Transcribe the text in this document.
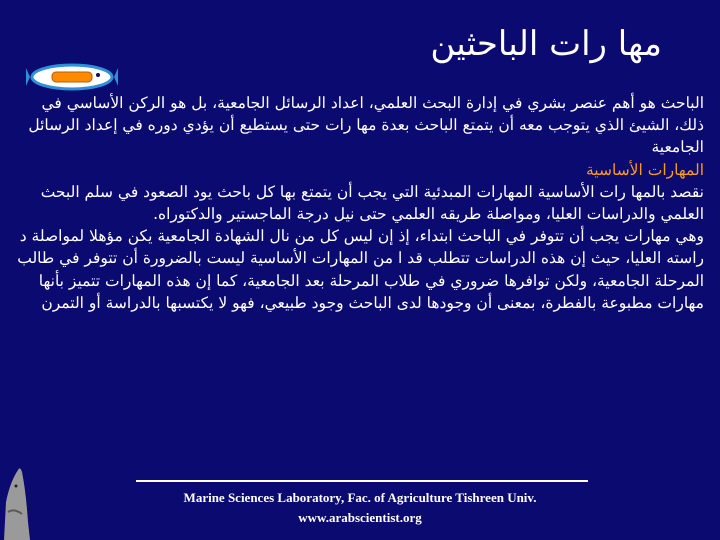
مها رات الباحثين

الباحث هو أهم عنصر بشري في إدارة البحث العلمي، اعداد الرسائل الجامعية، بل هو الركن الأساسي في ذلك، الشيئ الذي يتوجب معه أن يتمتع الباحث بعدة مها رات حتى يستطيع أن يؤدي دوره في إعداد الرسائل الجامعية

المهارات الأساسية

نقصد بالمها رات الأساسية المهارات المبدئية التي يجب أن يتمتع بها كل باحث يود الصعود في سلم البحث العلمي والدراسات العليا، ومواصلة طريقه العلمي حتى نيل درجة الماجستير والدكتوراه.

وهي مهارات يجب أن تتوفر في الباحث ابتداء، إذ إن ليس كل من نال الشهادة الجامعية يكن مؤهلا لمواصلة د راسته العليا، حيث إن هذه الدراسات تتطلب قد ا من المهارات الأساسية ليست بالضرورة أن تتوفر في طالب المرحلة الجامعية، ولكن توافرها ضروري في طلاب المرحلة بعد الجامعية، كما إن هذه المهارات تتميز بأنها مهارات مطبوعة بالفطرة، بمعنى أن وجودها لدى الباحث وجود طبيعي، فهو لا يكتسبها بالدراسة أو التمرن

Marine Sciences Laboratory, Fac. of Agriculture Tishreen Univ.
www.arabscientist.org
